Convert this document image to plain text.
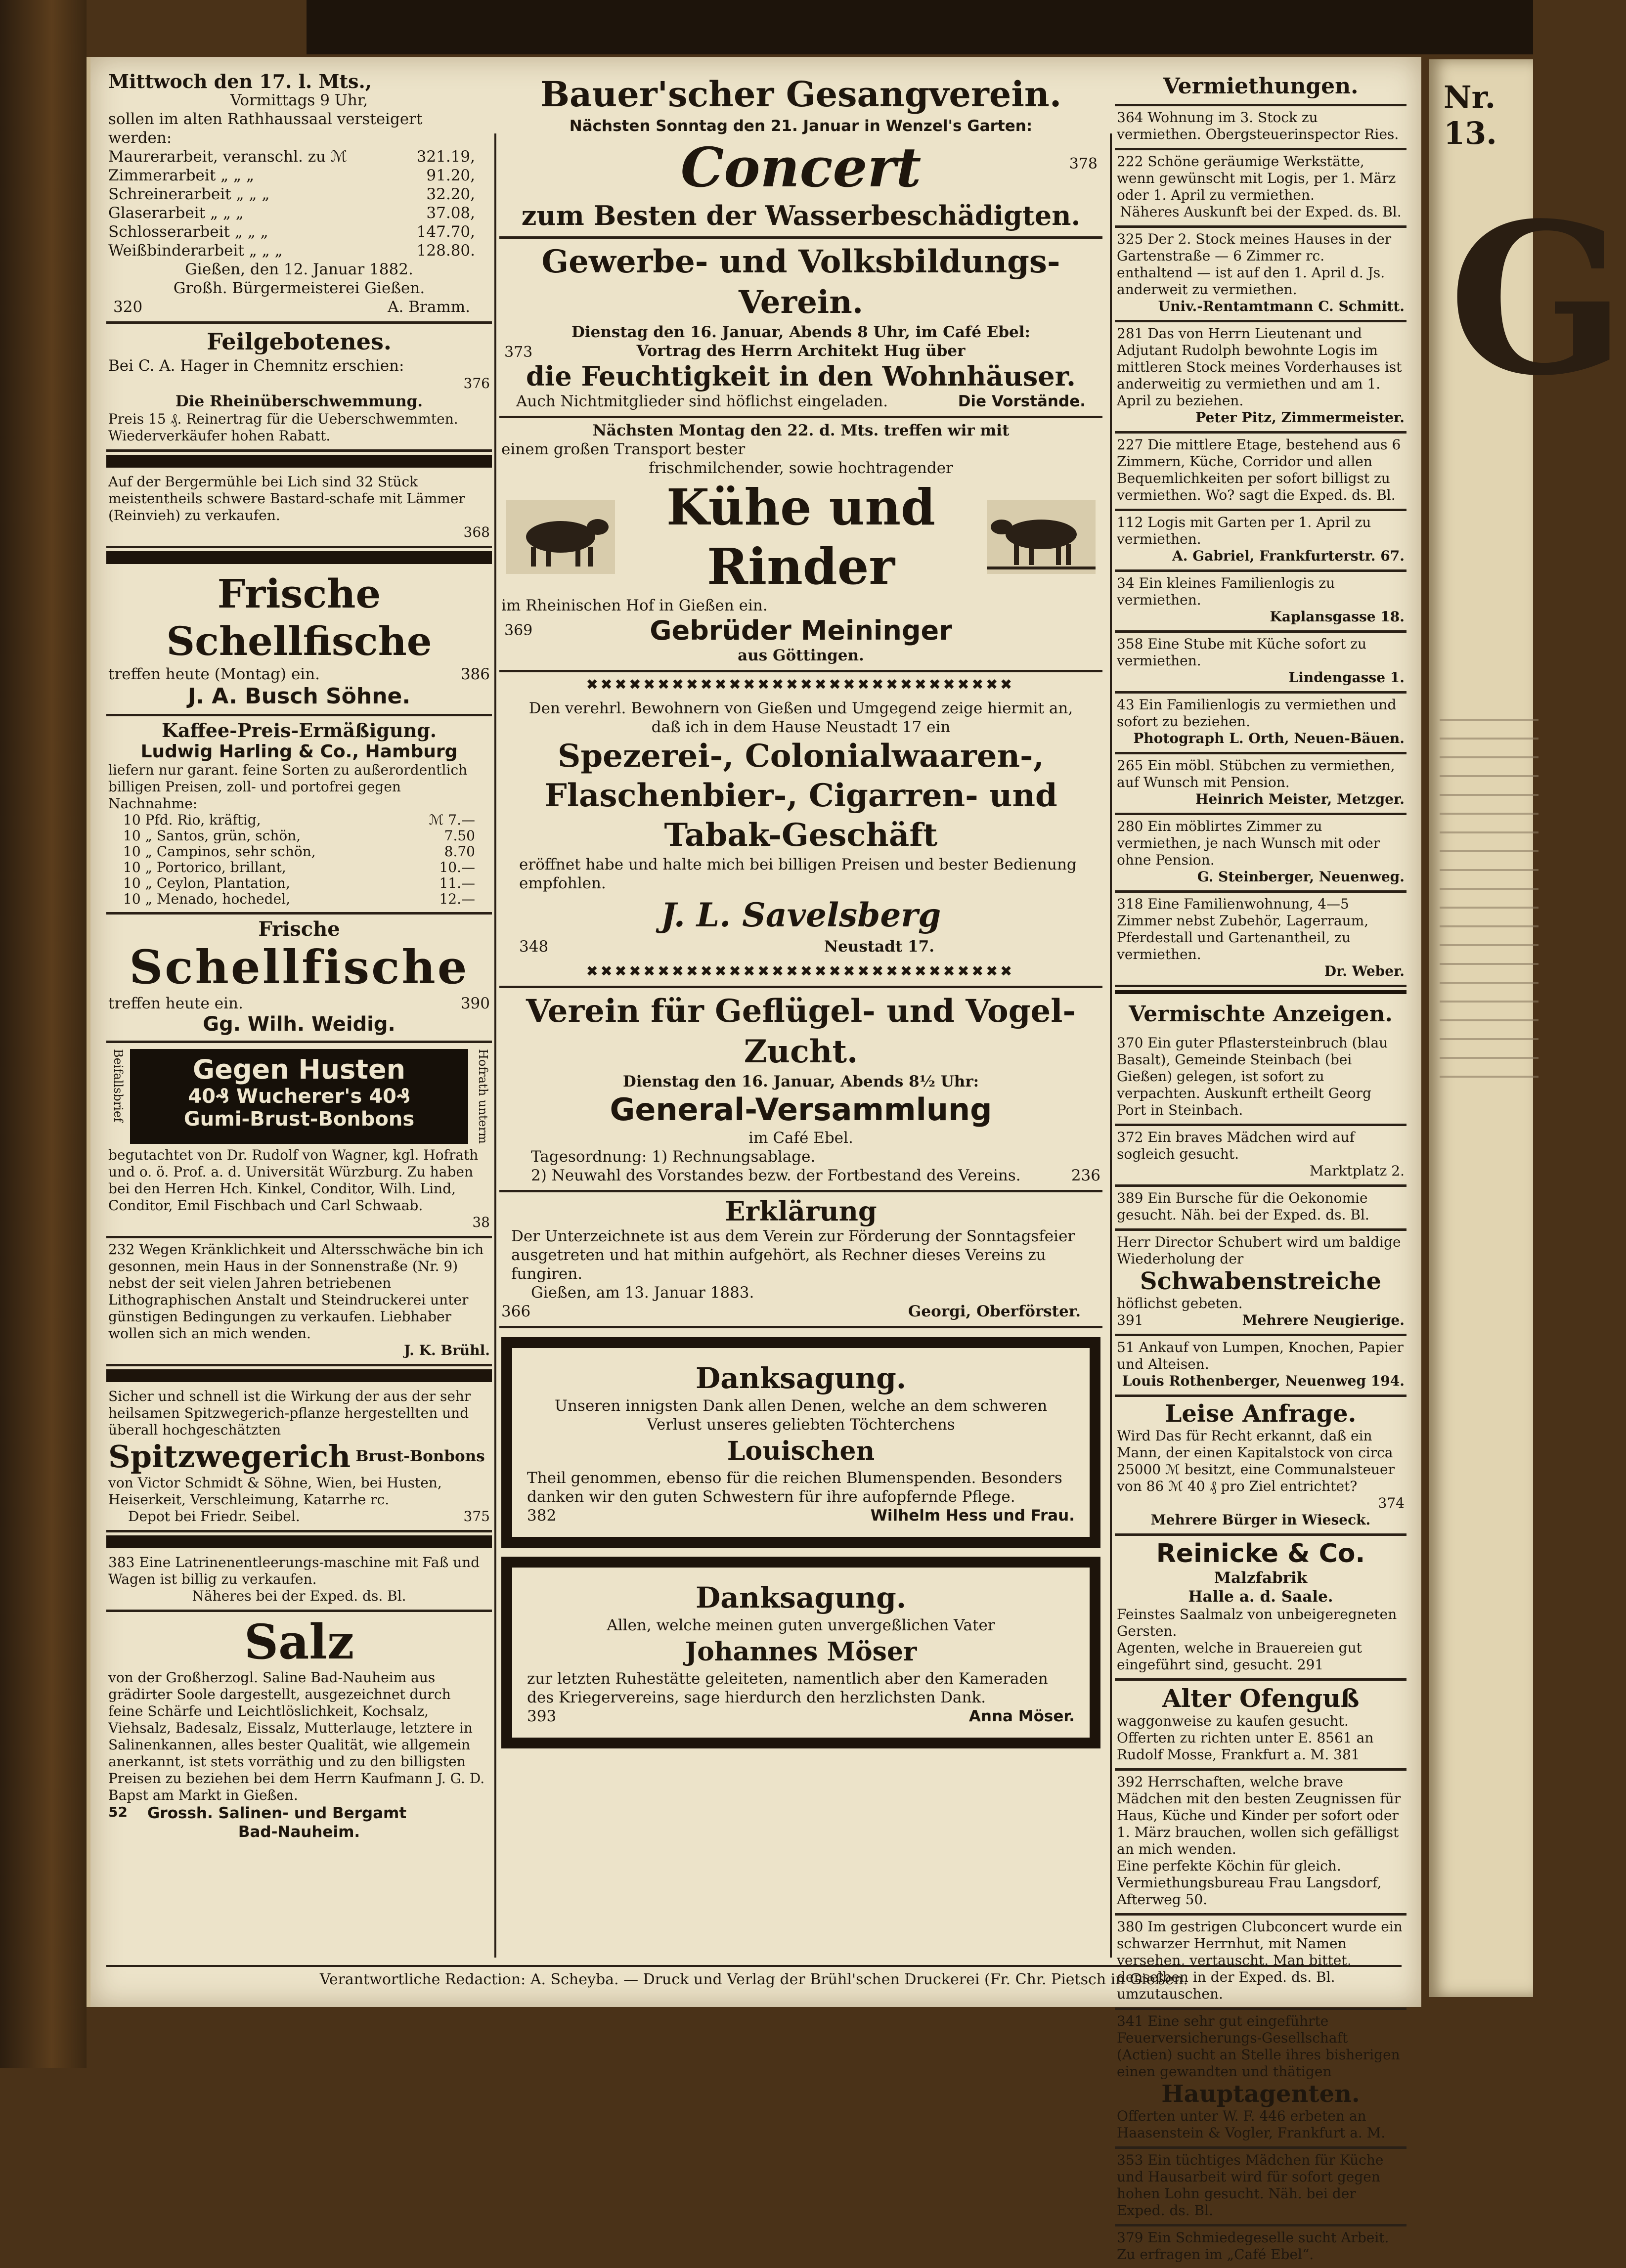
Nr. 13.
G
Mittwoch den 17. l. Mts.,
Vormittags 9 Uhr,
sollen im alten Rathhaussaal versteigert
werden:
Maurerarbeit, veranschl. zu ℳ	321.19,
Zimmerarbeit „ „ „	91.20,
Schreinerarbeit „ „ „	32.20,
Glaserarbeit „ „ „	37.08,
Schlosserarbeit „ „ „	147.70,
Weißbinderarbeit „ „ „	128.80.
Gießen, den 12. Januar 1882.
Großh. Bürgermeisterei Gießen.
320	A. Bramm.
Feilgebotenes.
Bei C. A. Hager in Chemnitz erschien:
376
Die Rheinüberschwemmung.
Preis 15 ₰. Reinertrag für die Ueberschwemmten. Wiederverkäufer hohen Rabatt.
Auf der Bergermühle bei Lich sind 32 Stück meistentheils schwere Bastard-schafe mit Lämmer (Reinvieh) zu verkaufen.
368
Frische Schellfische
treffen heute (Montag) ein.	386
J. A. Busch Söhne.
Kaffee-Preis-Ermäßigung.
Ludwig Harling & Co., Hamburg
liefern nur garant. feine Sorten zu außerordentlich billigen Preisen, zoll- und portofrei gegen Nachnahme:
10 Pfd. Rio, kräftig,	ℳ 7.—
10 „ Santos, grün, schön,	7.50
10 „ Campinos, sehr schön,	8.70
10 „ Portorico, brillant,	10.—
10 „ Ceylon, Plantation,	11.—
10 „ Menado, hochedel,	12.—
Frische
Schellfische
treffen heute ein.	390
Gg. Wilh. Weidig.
Beifallsbrief	Gegen Husten
40₰ Wucherer's 40₰
Gumi-Brust-Bonbons	Hofrath unterm
begutachtet von Dr. Rudolf von Wagner, kgl. Hofrath und o. ö. Prof. a. d. Universität Würzburg. Zu haben bei den Herren Hch. Kinkel, Conditor, Wilh. Lind, Conditor, Emil Fischbach und Carl Schwaab.
38
232 Wegen Kränklichkeit und Altersschwäche bin ich gesonnen, mein Haus in der Sonnenstraße (Nr. 9) nebst der seit vielen Jahren betriebenen Lithographischen Anstalt und Steindruckerei unter günstigen Bedingungen zu verkaufen. Liebhaber wollen sich an mich wenden.
J. K. Brühl.
Sicher und schnell ist die Wirkung der aus der sehr heilsamen Spitzwegerich-pflanze hergestellten und überall hochgeschätzten
Spitzwegerich Brust-Bonbons
von Victor Schmidt & Söhne, Wien, bei Husten, Heiserkeit, Verschleimung, Katarrhe rc.
Depot bei Friedr. Seibel.	375
383 Eine Latrinenentleerungs-maschine mit Faß und Wagen ist billig zu verkaufen.
Näheres bei der Exped. ds. Bl.
Salz
von der Großherzogl. Saline Bad-Nauheim aus grädirter Soole dargestellt, ausgezeichnet durch feine Schärfe und Leichtlöslichkeit, Kochsalz, Viehsalz, Badesalz, Eissalz, Mutterlauge, letztere in Salinenkannen, alles bester Qualität, wie allgemein anerkannt, ist stets vorräthig und zu den billigsten Preisen zu beziehen bei dem Herrn Kaufmann J. G. D. Bapst am Markt in Gießen.
52 Grossh. Salinen- und Bergamt
Bad-Nauheim.
Bauer'scher Gesangverein.
Nächsten Sonntag den 21. Januar in Wenzel's Garten:
Concert	378
zum Besten der Wasserbeschädigten.
Gewerbe- und Volksbildungs-Verein.
Dienstag den 16. Januar, Abends 8 Uhr, im Café Ebel:
373	Vortrag des Herrn Architekt Hug über
die Feuchtigkeit in den Wohnhäuser.
Auch Nichtmitglieder sind höflichst eingeladen.	Die Vorstände.
Nächsten Montag den 22. d. Mts. treffen wir mit
einem großen Transport bester
frischmilchender, sowie hochtragender
Kühe und Rinder
im Rheinischen Hof in Gießen ein.
369	Gebrüder Meininger
aus Göttingen.
✖✖✖✖✖✖✖✖✖✖✖✖✖✖✖✖✖✖✖✖✖✖✖✖✖✖✖✖✖✖
Den verehrl. Bewohnern von Gießen und Umgegend zeige hiermit an, daß ich in dem Hause Neustadt 17 ein
Spezerei-, Colonialwaaren-,
Flaschenbier-, Cigarren- und
Tabak-Geschäft
eröffnet habe und halte mich bei billigen Preisen und bester Bedienung empfohlen.
J. L. Savelsberg
348	Neustadt 17.
✖✖✖✖✖✖✖✖✖✖✖✖✖✖✖✖✖✖✖✖✖✖✖✖✖✖✖✖✖✖
Verein für Geflügel- und Vogel-Zucht.
Dienstag den 16. Januar, Abends 8½ Uhr:
General-Versammlung
im Café Ebel.
Tagesordnung: 1) Rechnungsablage.
2) Neuwahl des Vorstandes bezw. der Fortbestand des Vereins.	236
Erklärung
Der Unterzeichnete ist aus dem Verein zur Förderung der Sonntagsfeier ausgetreten und hat mithin aufgehört, als Rechner dieses Vereins zu fungiren.
Gießen, am 13. Januar 1883.
366	Georgi, Oberförster.
Danksagung.
Unseren innigsten Dank allen Denen, welche an dem schweren Verlust unseres geliebten Töchterchens
Louischen
Theil genommen, ebenso für die reichen Blumenspenden. Besonders danken wir den guten Schwestern für ihre aufopfernde Pflege.
382	Wilhelm Hess und Frau.
Danksagung.
Allen, welche meinen guten unvergeßlichen Vater
Johannes Möser
zur letzten Ruhestätte geleiteten, namentlich aber den Kameraden des Kriegervereins, sage hierdurch den herzlichsten Dank.
393	Anna Möser.
Vermiethungen.
364 Wohnung im 3. Stock zu vermiethen. Obergsteuerinspector Ries.
222 Schöne geräumige Werkstätte, wenn gewünscht mit Logis, per 1. März oder 1. April zu vermiethen.
Näheres Auskunft bei der Exped. ds. Bl.
325 Der 2. Stock meines Hauses in der Gartenstraße — 6 Zimmer rc. enthaltend — ist auf den 1. April d. Js. anderweit zu vermiethen.
Univ.-Rentamtmann C. Schmitt.
281 Das von Herrn Lieutenant und Adjutant Rudolph bewohnte Logis im mittleren Stock meines Vorderhauses ist anderweitig zu vermiethen und am 1. April zu beziehen.
Peter Pitz, Zimmermeister.
227 Die mittlere Etage, bestehend aus 6 Zimmern, Küche, Corridor und allen Bequemlichkeiten per sofort billigst zu vermiethen. Wo? sagt die Exped. ds. Bl.
112 Logis mit Garten per 1. April zu vermiethen.
A. Gabriel, Frankfurterstr. 67.
34 Ein kleines Familienlogis zu vermiethen.
Kaplansgasse 18.
358 Eine Stube mit Küche sofort zu vermiethen.
Lindengasse 1.
43 Ein Familienlogis zu vermiethen und sofort zu beziehen.
Photograph L. Orth, Neuen-Bäuen.
265 Ein möbl. Stübchen zu vermiethen, auf Wunsch mit Pension.
Heinrich Meister, Metzger.
280 Ein möblirtes Zimmer zu vermiethen, je nach Wunsch mit oder ohne Pension.
G. Steinberger, Neuenweg.
318 Eine Familienwohnung, 4—5 Zimmer nebst Zubehör, Lagerraum, Pferdestall und Gartenantheil, zu vermiethen.
Dr. Weber.
Vermischte Anzeigen.
370 Ein guter Pflastersteinbruch (blau Basalt), Gemeinde Steinbach (bei Gießen) gelegen, ist sofort zu verpachten. Auskunft ertheilt Georg Port in Steinbach.
372 Ein braves Mädchen wird auf sogleich gesucht.
Marktplatz 2.
389 Ein Bursche für die Oekonomie gesucht. Näh. bei der Exped. ds. Bl.
Herr Director Schubert wird um baldige Wiederholung der
Schwabenstreiche
höflichst gebeten.
391	Mehrere Neugierige.
51 Ankauf von Lumpen, Knochen, Papier und Alteisen.
Louis Rothenberger, Neuenweg 194.
Leise Anfrage.
Wird Das für Recht erkannt, daß ein Mann, der einen Kapitalstock von circa 25000 ℳ besitzt, eine Communalsteuer von 86 ℳ 40 ₰ pro Ziel entrichtet?
374
Mehrere Bürger in Wieseck.
Reinicke & Co.
Malzfabrik
Halle a. d. Saale.
Feinstes Saalmalz von unbeigeregneten Gersten.
Agenten, welche in Brauereien gut eingeführt sind, gesucht. 291
Alter Ofenguß
waggonweise zu kaufen gesucht.
Offerten zu richten unter E. 8561 an Rudolf Mosse, Frankfurt a. M. 381
392 Herrschaften, welche brave Mädchen mit den besten Zeugnissen für Haus, Küche und Kinder per sofort oder 1. März brauchen, wollen sich gefälligst an mich wenden.
Eine perfekte Köchin für gleich.
Vermiethungsbureau Frau Langsdorf, Afterweg 50.
380 Im gestrigen Clubconcert wurde ein schwarzer Herrnhut, mit Namen versehen, vertauscht. Man bittet, denselben in der Exped. ds. Bl. umzutauschen.
341 Eine sehr gut eingeführte Feuerversicherungs-Gesellschaft (Actien) sucht an Stelle ihres bisherigen einen gewandten und thätigen
Hauptagenten.
Offerten unter W. F. 446 erbeten an Haasenstein & Vogler, Frankfurt a. M.
353 Ein tüchtiges Mädchen für Küche und Hausarbeit wird für sofort gegen hohen Lohn gesucht. Näh. bei der Exped. ds. Bl.
379 Ein Schmiedegeselle sucht Arbeit. Zu erfragen im „Café Ebel“.
Verantwortliche Redaction: A. Scheyba. — Druck und Verlag der Brühl'schen Druckerei (Fr. Chr. Pietsch in Gießen.
